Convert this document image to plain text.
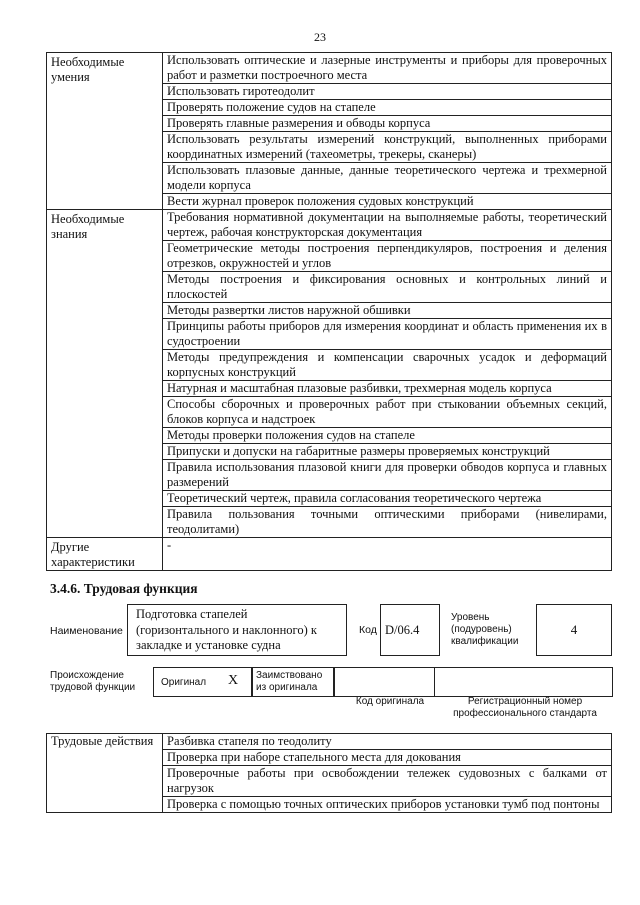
23
Необходимые умения	Использовать оптические и лазерные инструменты и приборы для проверочных работ и разметки построечного места
	Использовать гиротеодолит
	Проверять положение судов на стапеле
	Проверять главные размерения и обводы корпуса
	Использовать результаты измерений конструкций, выполненных приборами координатных измерений (тахеометры, трекеры, сканеры)
	Использовать плазовые данные, данные теоретического чертежа и трехмерной модели корпуса
	Вести журнал проверок положения судовых конструкций
Необходимые знания	Требования нормативной документации на выполняемые работы, теоретический чертеж, рабочая конструкторская документация
	Геометрические методы построения перпендикуляров, построения и деления отрезков, окружностей и углов
	Методы построения и фиксирования основных и контрольных линий и плоскостей
	Методы развертки листов наружной обшивки
	Принципы работы приборов для измерения координат и область применения их в судостроении
	Методы предупреждения и компенсации сварочных усадок и деформаций корпусных конструкций
	Натурная и масштабная плазовые разбивки, трехмерная модель корпуса
	Способы сборочных и проверочных работ при стыковании объемных секций, блоков корпуса и надстроек
	Методы проверки положения судов на стапеле
	Припуски и допуски на габаритные размеры проверяемых конструкций
	Правила использования плазовой книги для проверки обводов корпуса и главных размерений
	Теоретический чертеж, правила согласования теоретического чертежа
	Правила пользования точными оптическими приборами (нивелирами, теодолитами)
Другие характеристики	-
3.4.6. Трудовая функция
Наименование
Подготовка стапелей (горизонтального и наклонного) к закладке и установке судна
Код D/06.4
Уровень (подуровень) квалификации
4
Происхождение трудовой функции	Оригинал X Заимствовано из оригинала
Код оригинала	Регистрационный номер профессионального стандарта
Трудовые действия	Разбивка стапеля по теодолиту
Проверка при наборе стапельного места для докования
Проверочные работы при освобождении тележек судовозных с балками от нагрузок
Проверка с помощью точных оптических приборов установки тумб под понтоны
